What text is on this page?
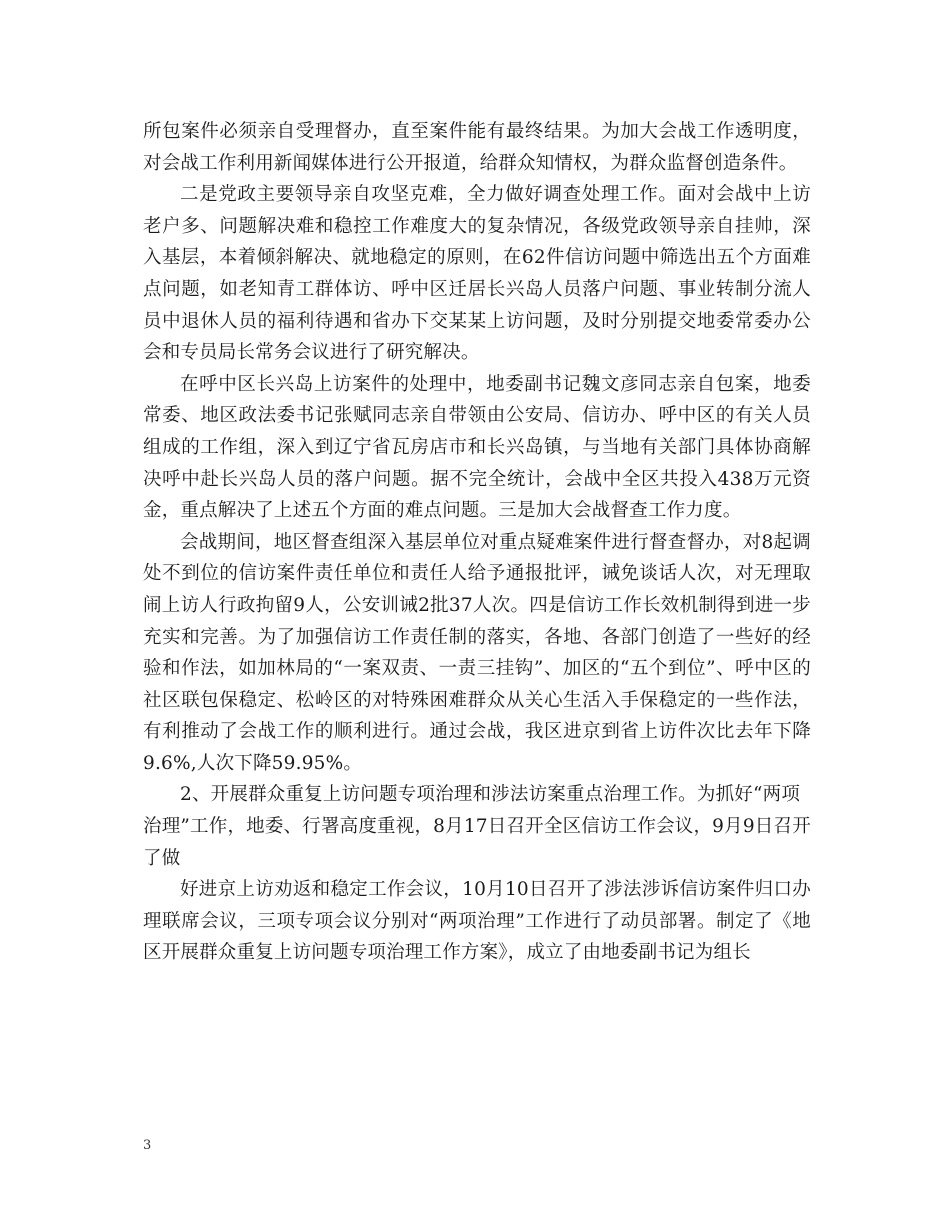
所包案件必须亲自受理督办，直至案件能有最终结果。为加大会战工作透明度，对会战工作利用新闻媒体进行公开报道，给群众知情权，为群众监督创造条件。

二是党政主要领导亲自攻坚克难，全力做好调查处理工作。面对会战中上访老户多、问题解决难和稳控工作难度大的复杂情况，各级党政领导亲自挂帅，深入基层，本着倾斜解决、就地稳定的原则，在62件信访问题中筛选出五个方面难点问题，如老知青工群体访、呼中区迁居长兴岛人员落户问题、事业转制分流人员中退休人员的福利待遇和省办下交某某上访问题，及时分别提交地委常委办公会和专员局长常务会议进行了研究解决。

在呼中区长兴岛上访案件的处理中，地委副书记魏文彦同志亲自包案，地委常委、地区政法委书记张赋同志亲自带领由公安局、信访办、呼中区的有关人员组成的工作组，深入到辽宁省瓦房店市和长兴岛镇，与当地有关部门具体协商解决呼中赴长兴岛人员的落户问题。据不完全统计，会战中全区共投入438万元资金，重点解决了上述五个方面的难点问题。三是加大会战督查工作力度。

会战期间，地区督查组深入基层单位对重点疑难案件进行督查督办，对8起调处不到位的信访案件责任单位和责任人给予通报批评，诫免谈话人次，对无理取闹上访人行政拘留9人，公安训诫2批37人次。四是信访工作长效机制得到进一步充实和完善。为了加强信访工作责任制的落实，各地、各部门创造了一些好的经验和作法，如加林局的“一案双责、一责三挂钩”、加区的“五个到位”、呼中区的社区联包保稳定、松岭区的对特殊困难群众从关心生活入手保稳定的一些作法，有利推动了会战工作的顺利进行。通过会战，我区进京到省上访件次比去年下降9.6%,人次下降59.95%。

2、开展群众重复上访问题专项治理和涉法访案重点治理工作。为抓好“两项治理”工作，地委、行署高度重视，8月17日召开全区信访工作会议，9月9日召开了做

好进京上访劝返和稳定工作会议，10月10日召开了涉法涉诉信访案件归口办理联席会议，三项专项会议分别对“两项治理”工作进行了动员部署。制定了《地区开展群众重复上访问题专项治理工作方案》，成立了由地委副书记为组长

3
